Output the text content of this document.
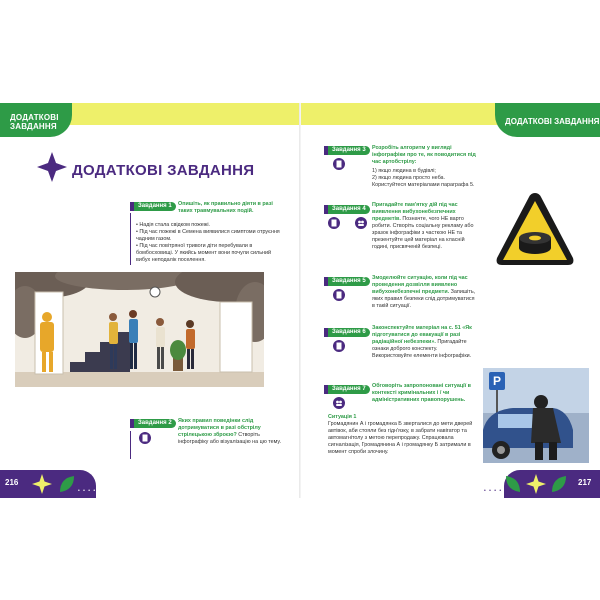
ДОДАТКОВІ
ЗАВДАННЯ
ДОДАТКОВІ ЗАВДАННЯ
ДОДАТКОВІ ЗАВДАННЯ
Завдання 1	Опишіть, як правильно діяти в разі таких травмувальних подій.
• Надія стала свідком пожежі.
• Під час пожежі в Семена виявилися симптоми отруєння чадним газом.
• Під час повітряної тривоги діти перебували в бомбосховищі. У якийсь момент вони почули сильний вибух неподалік поселення.
Завдання 2	Яких правил поведінки слід дотримуватися в разі обстрілу стрілецькою зброєю? Створіть інфографіку або візуалізацію на цю тему.
Завдання 3	Розробіть алгоритм у вигляді інфографіки про те, як поводитися під час артобстрілу:
1) якщо людина в будівлі;
2) якщо людина просто неба.
Користуйтеся матеріалами параграфа 5.
Завдання 4
Пригадайте пам'ятку дій під час виявлення вибухонебезпечних предметів. Позначте, чого НЕ варто робити. Створіть соціальну рекламу або зразок інфографіки з часткою НЕ та презентуйте цей матеріал на класній годині, присвяченій безпеці.
Завдання 5	Змоделюйте ситуацію, коли під час проведення дозвілля виявлено вибухонебезпечні предмети. Запишіть, яких правил безпеки слід дотримуватися в такій ситуації.
Завдання 6
Законспектуйте матеріал на с. 51 «Як підготуватися до евакуації в разі радіаційної небезпеки». Пригадайте ознаки доброго конспекту. Використовуйте елементи інфографіки.
Завдання 7	Обговоріть запропоновані ситуації в контексті кримінальних і / чи адміністративних правопорушень.
Ситуація 1
Громадянин А і громадянка Б зверталися до мети дверей автівок, аби стояли без гідн'язку, в забрати навігатор та автомагнітолу з метою перепродажу. Спрацювала сигналізація, Громадянина А і громадянку Б затримали в момент спроби злочину.
P
216
• • • •
217
• • • •
